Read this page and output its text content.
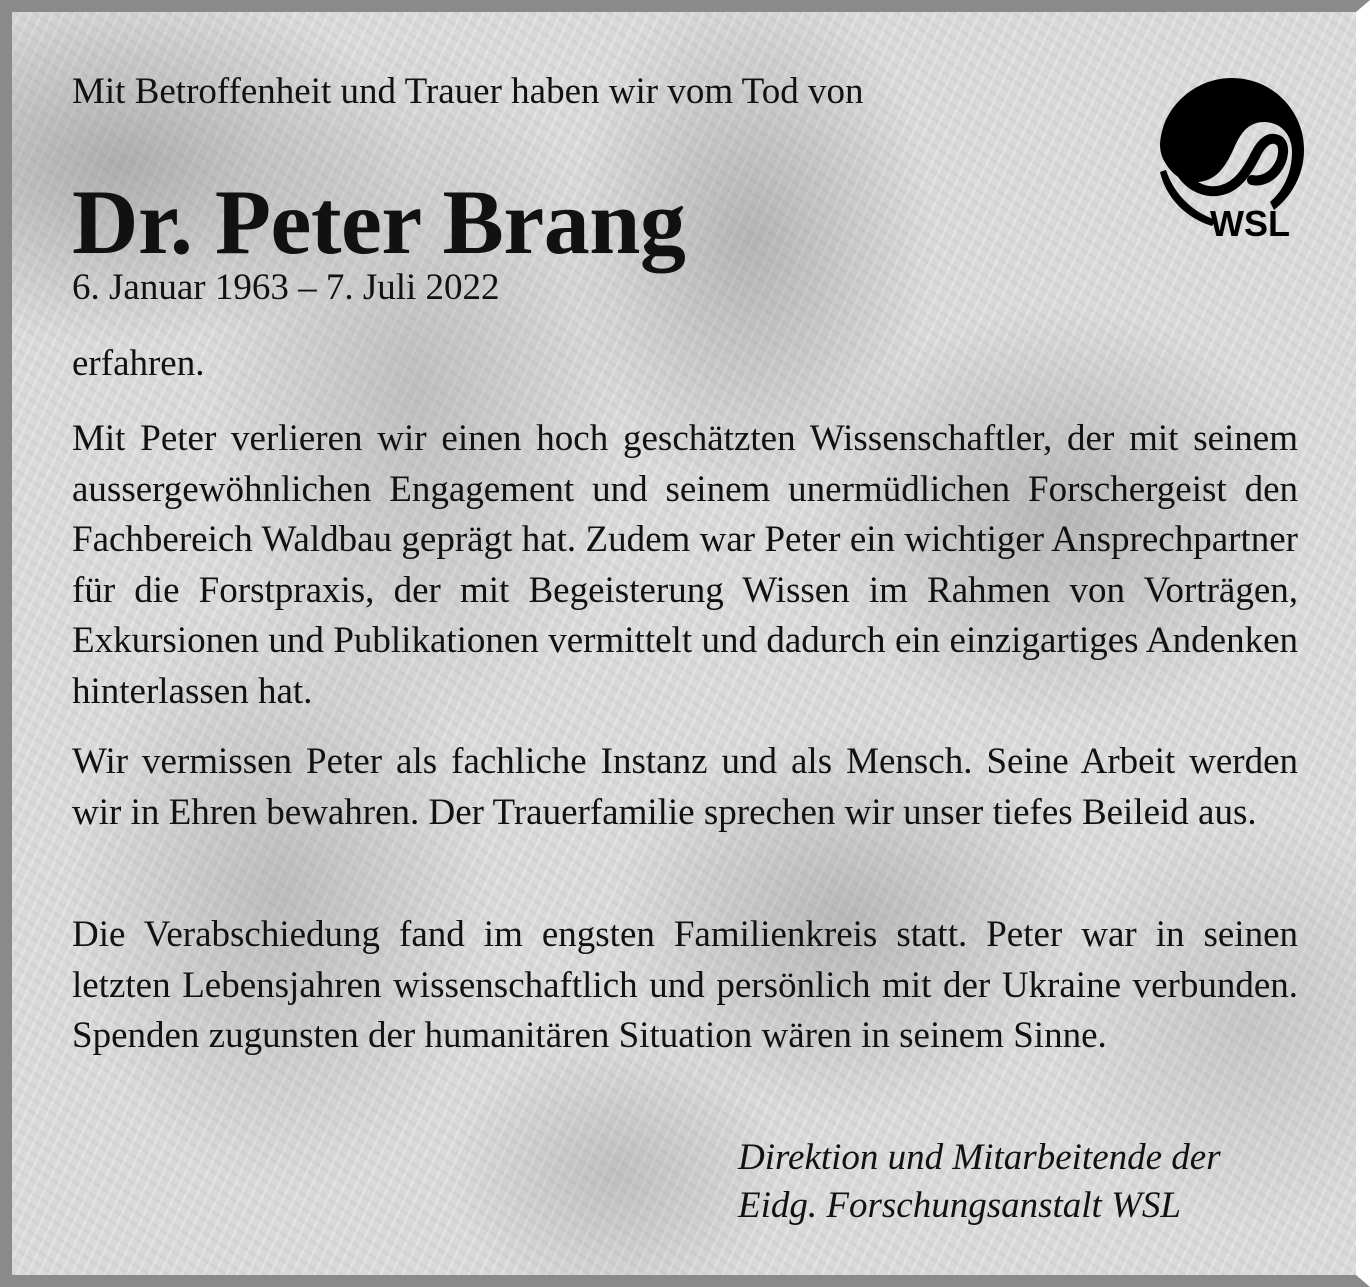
Mit Betroffenheit und Trauer haben wir vom Tod von
Dr. Peter Brang
6. Januar 1963 – 7. Juli 2022
erfahren.

Mit Peter verlieren wir einen hoch geschätzten Wissenschaftler, der mit seinem aussergewöhnlichen Engagement und seinem unermüdlichen Forschergeist den Fachbereich Waldbau geprägt hat. Zudem war Peter ein wichtiger Ansprechpartner für die Forstpraxis, der mit Begeisterung Wissen im Rahmen von Vorträgen, Exkursionen und Publikationen vermittelt und dadurch ein einzigartiges Andenken hinterlassen hat.

Wir vermissen Peter als fachliche Instanz und als Mensch. Seine Arbeit werden wir in Ehren bewahren. Der Trauerfamilie sprechen wir unser tiefes Beileid aus.

Die Verabschiedung fand im engsten Familienkreis statt. Peter war in seinen letzten Lebensjahren wissenschaftlich und persönlich mit der Ukraine verbunden. Spenden zugunsten der humanitären Situation wären in seinem Sinne.

Direktion und Mitarbeitende der
Eidg. Forschungsanstalt WSL
WSL
